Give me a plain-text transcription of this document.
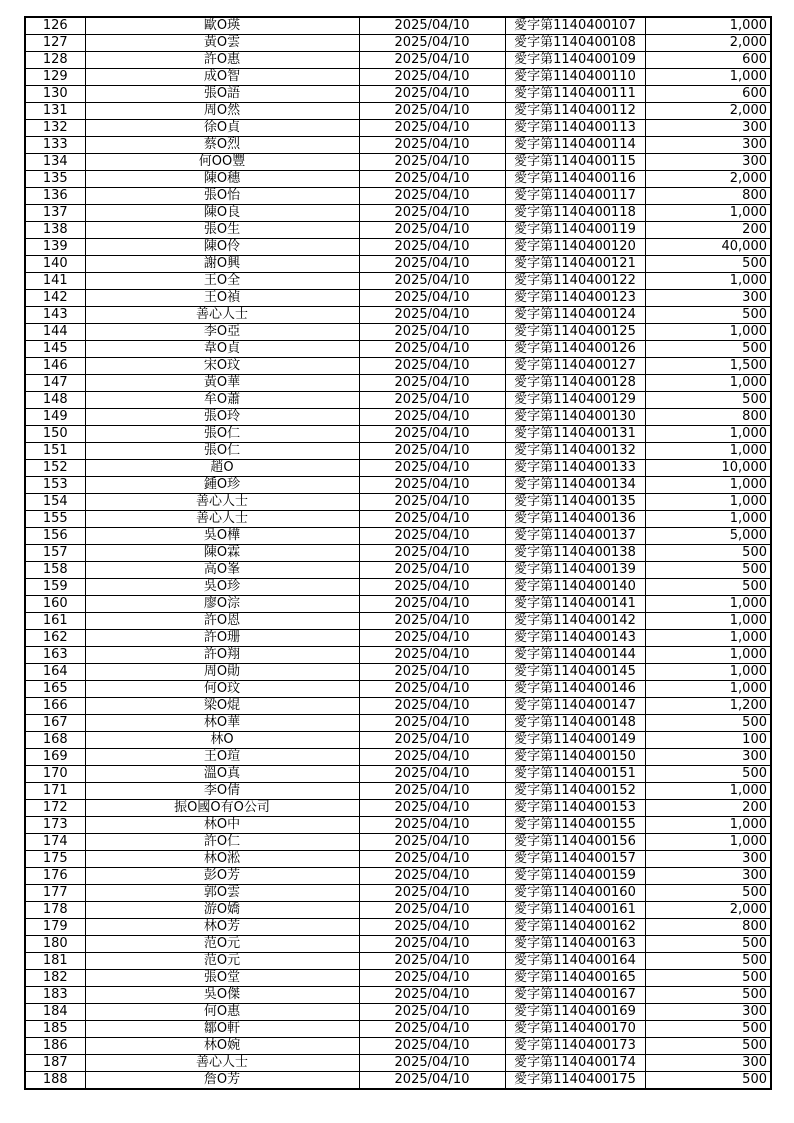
126	歐O瑛	2025/04/10	愛字第1140400107	1,000
127	黃O雲	2025/04/10	愛字第1140400108	2,000
128	許O惠	2025/04/10	愛字第1140400109	600
129	成O智	2025/04/10	愛字第1140400110	1,000
130	張O語	2025/04/10	愛字第1140400111	600
131	周O然	2025/04/10	愛字第1140400112	2,000
132	徐O貞	2025/04/10	愛字第1140400113	300
133	蔡O烈	2025/04/10	愛字第1140400114	300
134	何OO豐	2025/04/10	愛字第1140400115	300
135	陳O穗	2025/04/10	愛字第1140400116	2,000
136	張O怡	2025/04/10	愛字第1140400117	800
137	陳O良	2025/04/10	愛字第1140400118	1,000
138	張O生	2025/04/10	愛字第1140400119	200
139	陳O伶	2025/04/10	愛字第1140400120	40,000
140	謝O興	2025/04/10	愛字第1140400121	500
141	王O全	2025/04/10	愛字第1140400122	1,000
142	王O禎	2025/04/10	愛字第1140400123	300
143	善心人士	2025/04/10	愛字第1140400124	500
144	李O亞	2025/04/10	愛字第1140400125	1,000
145	韋O貞	2025/04/10	愛字第1140400126	500
146	宋O玟	2025/04/10	愛字第1140400127	1,500
147	黃O華	2025/04/10	愛字第1140400128	1,000
148	牟O蕭	2025/04/10	愛字第1140400129	500
149	張O玲	2025/04/10	愛字第1140400130	800
150	張O仁	2025/04/10	愛字第1140400131	1,000
151	張O仁	2025/04/10	愛字第1140400132	1,000
152	趙O	2025/04/10	愛字第1140400133	10,000
153	鍾O珍	2025/04/10	愛字第1140400134	1,000
154	善心人士	2025/04/10	愛字第1140400135	1,000
155	善心人士	2025/04/10	愛字第1140400136	1,000
156	吳O樺	2025/04/10	愛字第1140400137	5,000
157	陳O霖	2025/04/10	愛字第1140400138	500
158	高O峯	2025/04/10	愛字第1140400139	500
159	吳O珍	2025/04/10	愛字第1140400140	500
160	廖O淙	2025/04/10	愛字第1140400141	1,000
161	許O恩	2025/04/10	愛字第1140400142	1,000
162	許O珊	2025/04/10	愛字第1140400143	1,000
163	許O翔	2025/04/10	愛字第1140400144	1,000
164	周O勛	2025/04/10	愛字第1140400145	1,000
165	何O玟	2025/04/10	愛字第1140400146	1,000
166	梁O焜	2025/04/10	愛字第1140400147	1,200
167	林O華	2025/04/10	愛字第1140400148	500
168	林O	2025/04/10	愛字第1140400149	100
169	王O瑄	2025/04/10	愛字第1140400150	300
170	溫O真	2025/04/10	愛字第1140400151	500
171	李O倩	2025/04/10	愛字第1140400152	1,000
172	振O國O有O公司	2025/04/10	愛字第1140400153	200
173	林O中	2025/04/10	愛字第1140400155	1,000
174	許O仁	2025/04/10	愛字第1140400156	1,000
175	林O淞	2025/04/10	愛字第1140400157	300
176	彭O芳	2025/04/10	愛字第1140400159	300
177	郭O雲	2025/04/10	愛字第1140400160	500
178	游O嬌	2025/04/10	愛字第1140400161	2,000
179	林O芳	2025/04/10	愛字第1140400162	800
180	范O元	2025/04/10	愛字第1140400163	500
181	范O元	2025/04/10	愛字第1140400164	500
182	張O堂	2025/04/10	愛字第1140400165	500
183	吳O傑	2025/04/10	愛字第1140400167	500
184	何O惠	2025/04/10	愛字第1140400169	300
185	鄒O軒	2025/04/10	愛字第1140400170	500
186	林O婉	2025/04/10	愛字第1140400173	500
187	善心人士	2025/04/10	愛字第1140400174	300
188	詹O芳	2025/04/10	愛字第1140400175	500
